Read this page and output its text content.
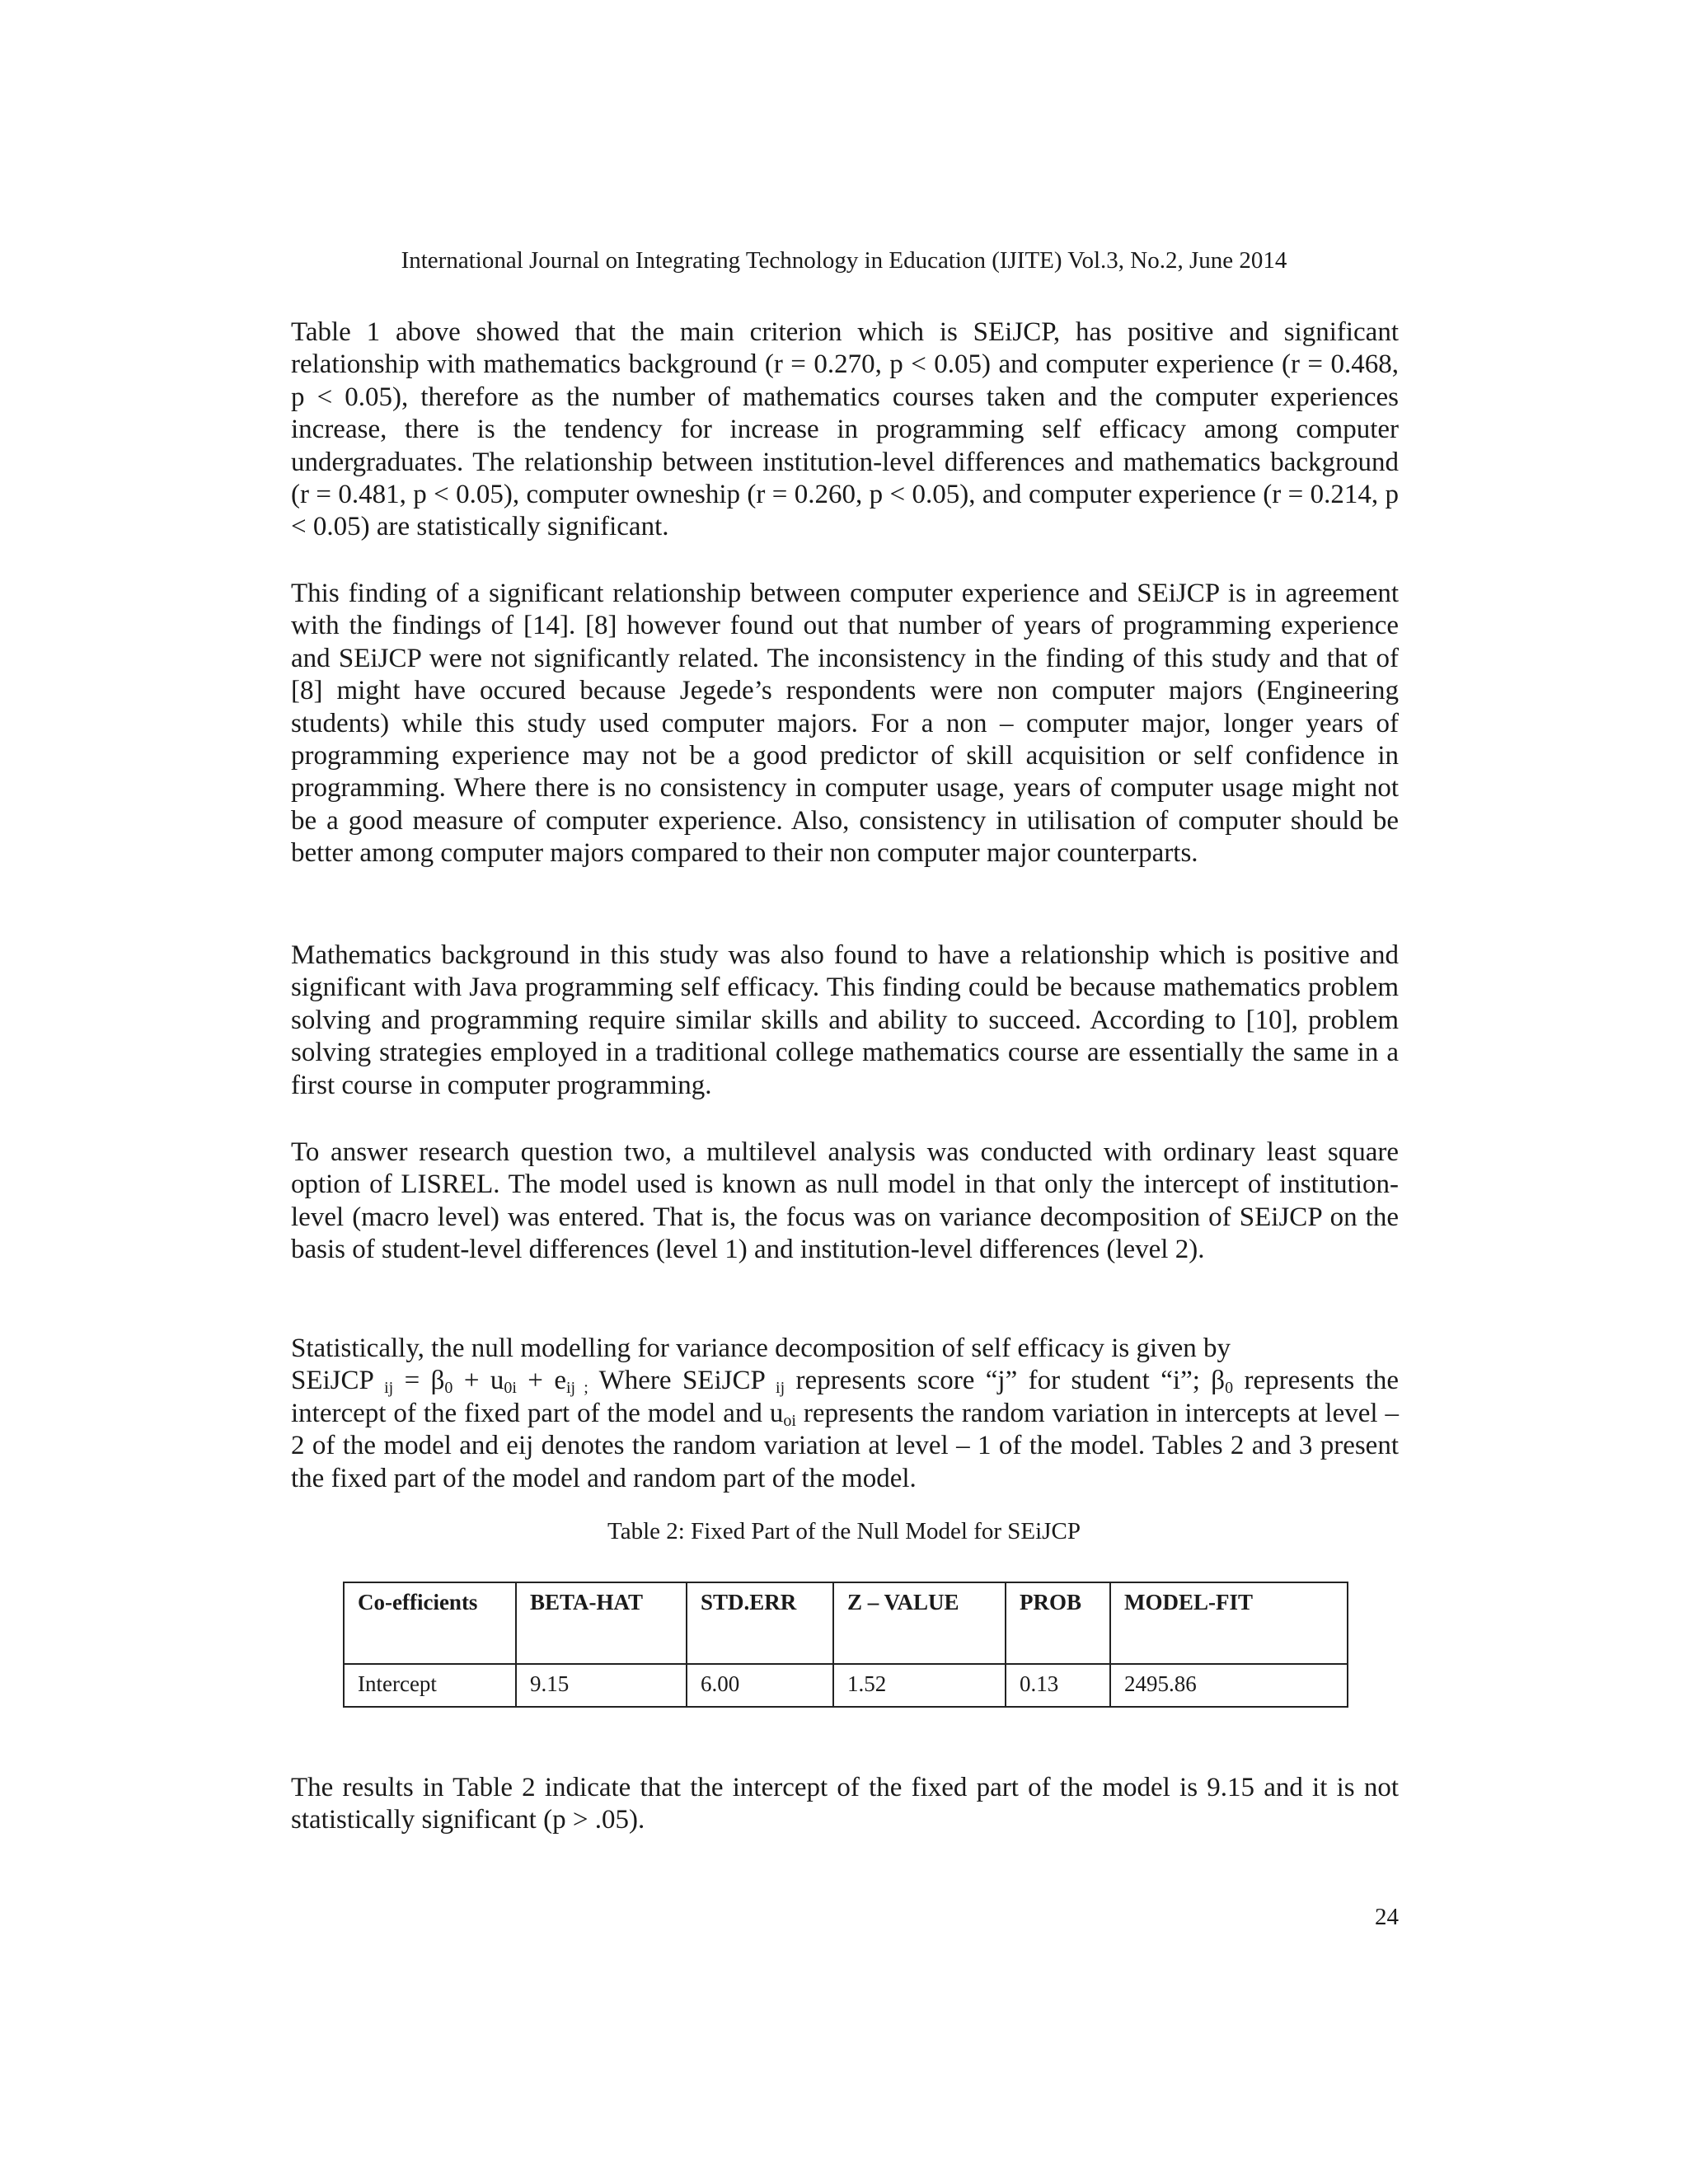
International Journal on Integrating Technology in Education (IJITE) Vol.3, No.2, June 2014

Table 1 above showed that the main criterion which is SEiJCP, has positive and significant relationship with mathematics background (r = 0.270, p < 0.05) and computer experience (r = 0.468, p < 0.05), therefore as the number of mathematics courses taken and the computer experiences increase, there is the tendency for increase in programming self efficacy among computer undergraduates. The relationship between institution-level differences and mathematics background (r = 0.481, p < 0.05), computer owneship (r = 0.260, p < 0.05), and computer experience (r = 0.214, p < 0.05) are statistically significant.

This finding of a significant relationship between computer experience and SEiJCP is in agreement with the findings of [14]. [8] however found out that number of years of programming experience and SEiJCP were not significantly related. The inconsistency in the finding of this study and that of [8] might have occured because Jegede’s respondents were non computer majors (Engineering students) while this study used computer majors. For a non – computer major, longer years of programming experience may not be a good predictor of skill acquisition or self confidence in programming. Where there is no consistency in computer usage, years of computer usage might not be a good measure of computer experience. Also, consistency in utilisation of computer should be better among computer majors compared to their non computer major counterparts.

Mathematics background in this study was also found to have a relationship which is positive and significant with Java programming self efficacy. This finding could be because mathematics problem solving and programming require similar skills and ability to succeed. According to [10], problem solving strategies employed in a traditional college mathematics course are essentially the same in a first course in computer programming.

To answer research question two, a multilevel analysis was conducted with ordinary least square option of LISREL. The model used is known as null model in that only the intercept of institution-level (macro level) was entered. That is, the focus was on variance decomposition of SEiJCP on the basis of student-level differences (level 1) and institution-level differences (level 2).

Statistically, the null modelling for variance decomposition of self efficacy is given by
SEiJCP $_{ij} = \beta_0 + u_{0i} + e_{ij ;}$ Where SEiJCP $_{ij}$ represents score “j” for student “i”; $\beta_0$ represents the intercept of the fixed part of the model and $u_{oi}$ represents the random variation in intercepts at level – 2 of the model and eij denotes the random variation at level – 1 of the model. Tables 2 and 3 present the fixed part of the model and random part of the model.

Table 2: Fixed Part of the Null Model for SEiJCP
Co-efficients	BETA-HAT	STD.ERR	Z – VALUE	PROB	MODEL-FIT
Intercept	9.15	6.00	1.52	0.13	2495.86

The results in Table 2 indicate that the intercept of the fixed part of the model is 9.15 and it is not statistically significant (p > .05).

24
